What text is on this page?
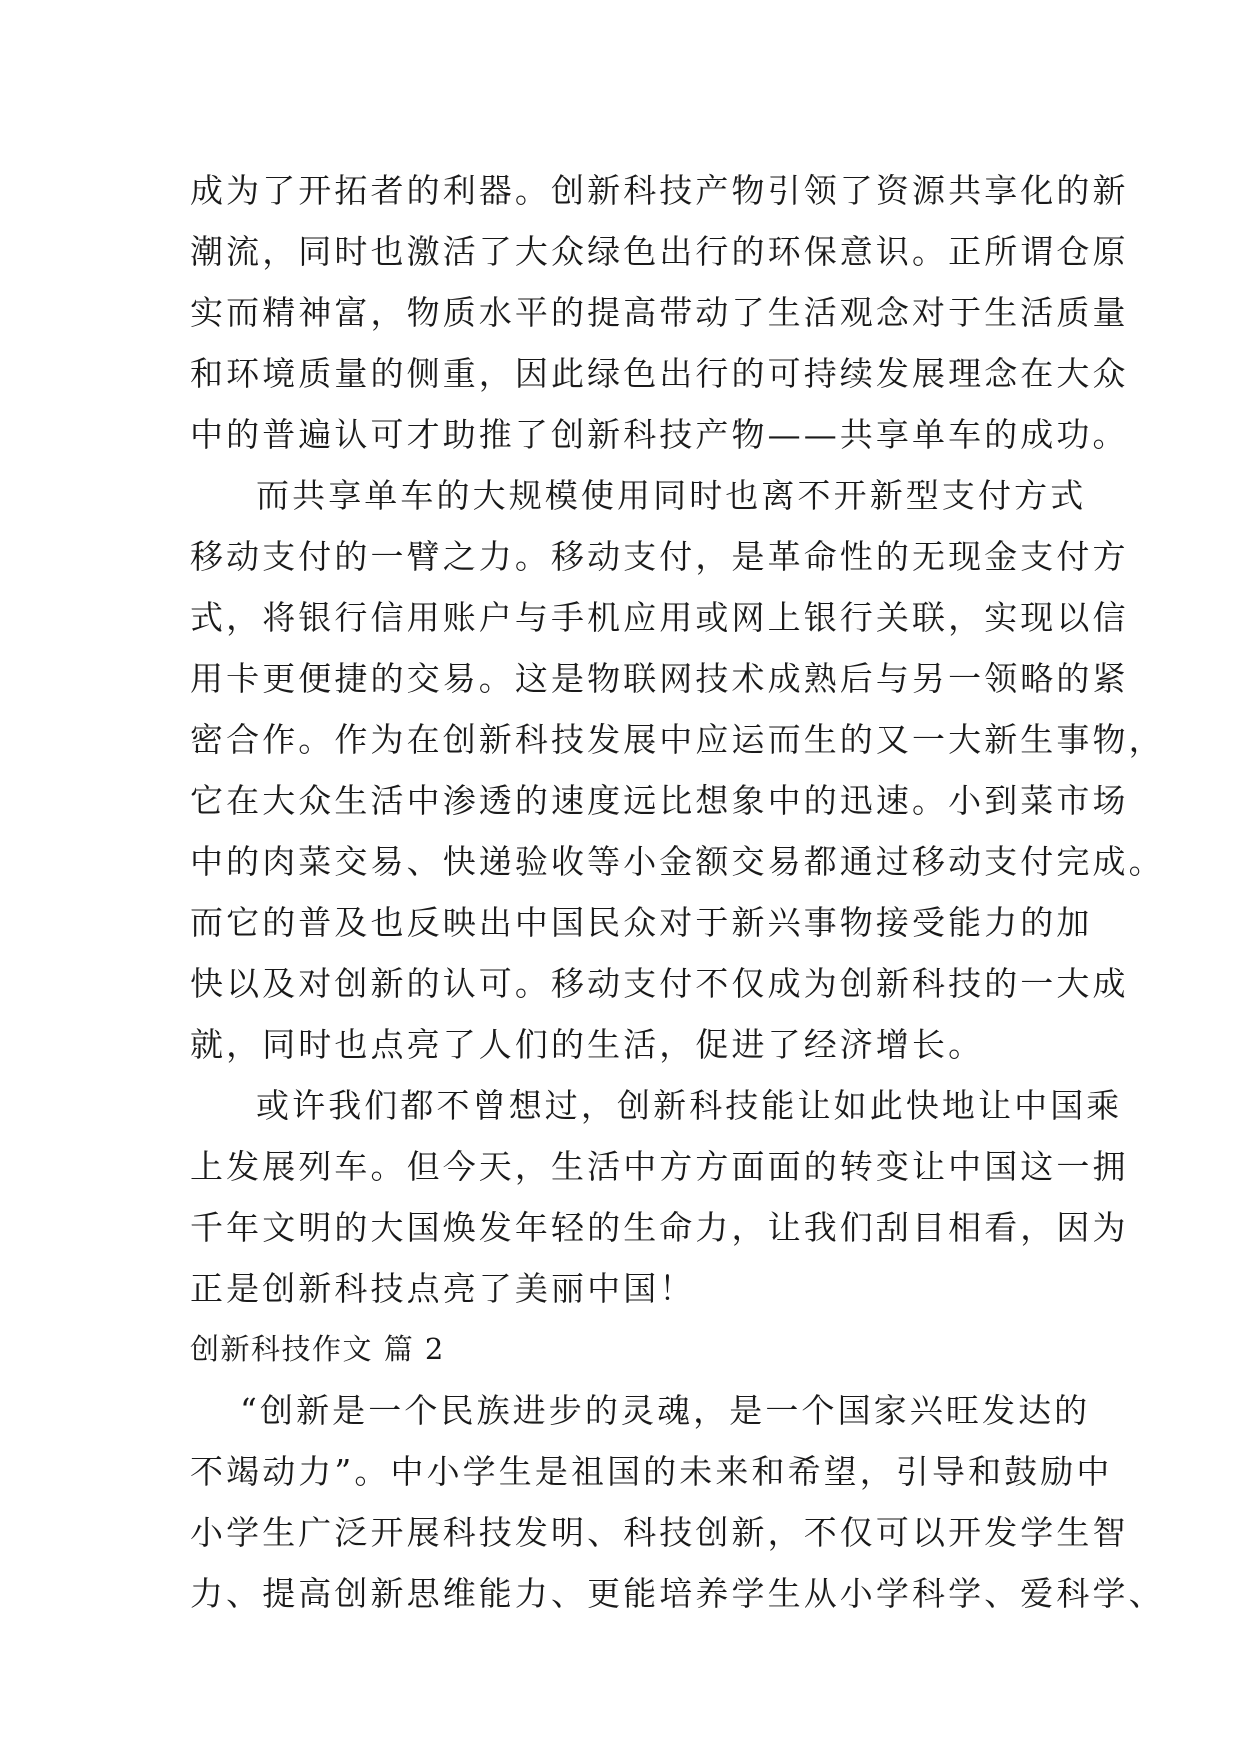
成为了开拓者的利器。创新科技产物引领了资源共享化的新
潮流，同时也激活了大众绿色出行的环保意识。正所谓仓原
实而精神富，物质水平的提高带动了生活观念对于生活质量
和环境质量的侧重，因此绿色出行的可持续发展理念在大众
中的普遍认可才助推了创新科技产物——共享单车的成功。
而共享单车的大规模使用同时也离不开新型支付方式
移动支付的一臂之力。移动支付，是革命性的无现金支付方
式，将银行信用账户与手机应用或网上银行关联，实现以信
用卡更便捷的交易。这是物联网技术成熟后与另一领略的紧
密合作。作为在创新科技发展中应运而生的又一大新生事物，
它在大众生活中渗透的速度远比想象中的迅速。小到菜市场
中的肉菜交易、快递验收等小金额交易都通过移动支付完成。
而它的普及也反映出中国民众对于新兴事物接受能力的加
快以及对创新的认可。移动支付不仅成为创新科技的一大成
就，同时也点亮了人们的生活，促进了经济增长。
或许我们都不曾想过，创新科技能让如此快地让中国乘
上发展列车。但今天，生活中方方面面的转变让中国这一拥
千年文明的大国焕发年轻的生命力，让我们刮目相看，因为
正是创新科技点亮了美丽中国！
创新科技作文 篇 2
“创新是一个民族进步的灵魂，是一个国家兴旺发达的
不竭动力”。中小学生是祖国的未来和希望，引导和鼓励中
小学生广泛开展科技发明、科技创新，不仅可以开发学生智
力、提高创新思维能力、更能培养学生从小学科学、爱科学、
